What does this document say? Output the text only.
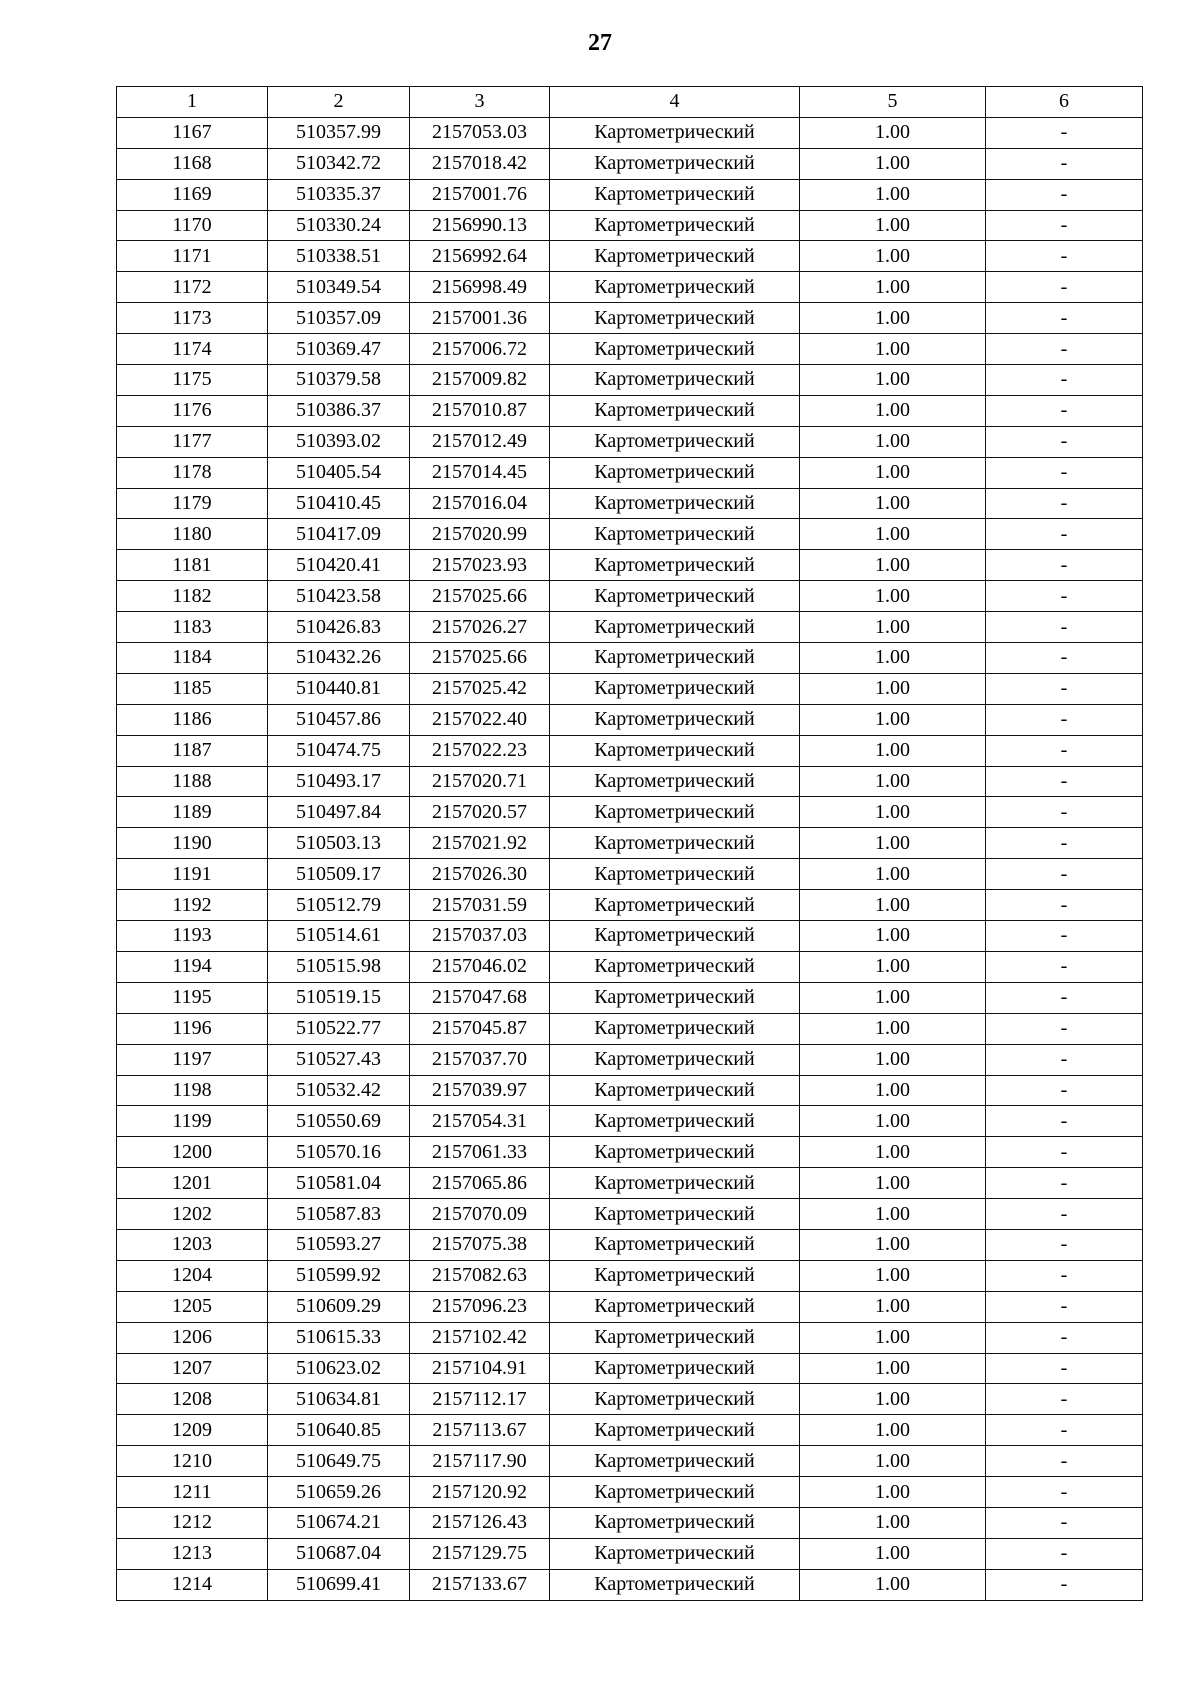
27
1	2	3	4	5	6
1167	510357.99	2157053.03	Картометрический	1.00	-
1168	510342.72	2157018.42	Картометрический	1.00	-
1169	510335.37	2157001.76	Картометрический	1.00	-
1170	510330.24	2156990.13	Картометрический	1.00	-
1171	510338.51	2156992.64	Картометрический	1.00	-
1172	510349.54	2156998.49	Картометрический	1.00	-
1173	510357.09	2157001.36	Картометрический	1.00	-
1174	510369.47	2157006.72	Картометрический	1.00	-
1175	510379.58	2157009.82	Картометрический	1.00	-
1176	510386.37	2157010.87	Картометрический	1.00	-
1177	510393.02	2157012.49	Картометрический	1.00	-
1178	510405.54	2157014.45	Картометрический	1.00	-
1179	510410.45	2157016.04	Картометрический	1.00	-
1180	510417.09	2157020.99	Картометрический	1.00	-
1181	510420.41	2157023.93	Картометрический	1.00	-
1182	510423.58	2157025.66	Картометрический	1.00	-
1183	510426.83	2157026.27	Картометрический	1.00	-
1184	510432.26	2157025.66	Картометрический	1.00	-
1185	510440.81	2157025.42	Картометрический	1.00	-
1186	510457.86	2157022.40	Картометрический	1.00	-
1187	510474.75	2157022.23	Картометрический	1.00	-
1188	510493.17	2157020.71	Картометрический	1.00	-
1189	510497.84	2157020.57	Картометрический	1.00	-
1190	510503.13	2157021.92	Картометрический	1.00	-
1191	510509.17	2157026.30	Картометрический	1.00	-
1192	510512.79	2157031.59	Картометрический	1.00	-
1193	510514.61	2157037.03	Картометрический	1.00	-
1194	510515.98	2157046.02	Картометрический	1.00	-
1195	510519.15	2157047.68	Картометрический	1.00	-
1196	510522.77	2157045.87	Картометрический	1.00	-
1197	510527.43	2157037.70	Картометрический	1.00	-
1198	510532.42	2157039.97	Картометрический	1.00	-
1199	510550.69	2157054.31	Картометрический	1.00	-
1200	510570.16	2157061.33	Картометрический	1.00	-
1201	510581.04	2157065.86	Картометрический	1.00	-
1202	510587.83	2157070.09	Картометрический	1.00	-
1203	510593.27	2157075.38	Картометрический	1.00	-
1204	510599.92	2157082.63	Картометрический	1.00	-
1205	510609.29	2157096.23	Картометрический	1.00	-
1206	510615.33	2157102.42	Картометрический	1.00	-
1207	510623.02	2157104.91	Картометрический	1.00	-
1208	510634.81	2157112.17	Картометрический	1.00	-
1209	510640.85	2157113.67	Картометрический	1.00	-
1210	510649.75	2157117.90	Картометрический	1.00	-
1211	510659.26	2157120.92	Картометрический	1.00	-
1212	510674.21	2157126.43	Картометрический	1.00	-
1213	510687.04	2157129.75	Картометрический	1.00	-
1214	510699.41	2157133.67	Картометрический	1.00	-
